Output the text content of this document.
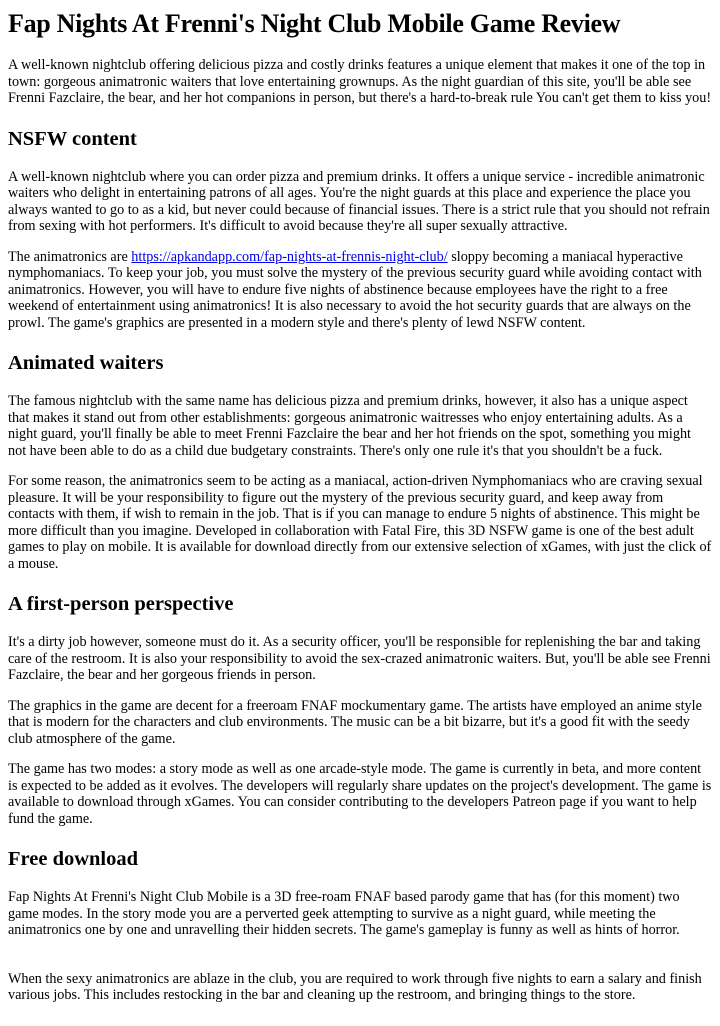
Fap Nights At Frenni's Night Club Mobile Game Review

A well-known nightclub offering delicious pizza and costly drinks features a unique element that makes it one of the top in town: gorgeous animatronic waiters that love entertaining grownups. As the night guardian of this site, you'll be able see Frenni Fazclaire, the bear, and her hot companions in person, but there's a hard-to-break rule You can't get them to kiss you!

NSFW content

A well-known nightclub where you can order pizza and premium drinks. It offers a unique service - incredible animatronic waiters who delight in entertaining patrons of all ages. You're the night guards at this place and experience the place you always wanted to go to as a kid, but never could because of financial issues. There is a strict rule that you should not refrain from sexing with hot performers. It's difficult to avoid because they're all super sexually attractive.

The animatronics are https://apkandapp.com/fap-nights-at-frennis-night-club/ sloppy becoming a maniacal hyperactive nymphomaniacs. To keep your job, you must solve the mystery of the previous security guard while avoiding contact with animatronics. However, you will have to endure five nights of abstinence because employees have the right to a free weekend of entertainment using animatronics! It is also necessary to avoid the hot security guards that are always on the prowl. The game's graphics are presented in a modern style and there's plenty of lewd NSFW content.

Animated waiters

The famous nightclub with the same name has delicious pizza and premium drinks, however, it also has a unique aspect that makes it stand out from other establishments: gorgeous animatronic waitresses who enjoy entertaining adults. As a night guard, you'll finally be able to meet Frenni Fazclaire the bear and her hot friends on the spot, something you might not have been able to do as a child due budgetary constraints. There's only one rule it's that you shouldn't be a fuck.

For some reason, the animatronics seem to be acting as a maniacal, action-driven Nymphomaniacs who are craving sexual pleasure. It will be your responsibility to figure out the mystery of the previous security guard, and keep away from contacts with them, if wish to remain in the job. That is if you can manage to endure 5 nights of abstinence. This might be more difficult than you imagine. Developed in collaboration with Fatal Fire, this 3D NSFW game is one of the best adult games to play on mobile. It is available for download directly from our extensive selection of xGames, with just the click of a mouse.

A first-person perspective

It's a dirty job however, someone must do it. As a security officer, you'll be responsible for replenishing the bar and taking care of the restroom. It is also your responsibility to avoid the sex-crazed animatronic waiters. But, you'll be able see Frenni Fazclaire, the bear and her gorgeous friends in person.

The graphics in the game are decent for a freeroam FNAF mockumentary game. The artists have employed an anime style that is modern for the characters and club environments. The music can be a bit bizarre, but it's a good fit with the seedy club atmosphere of the game.

The game has two modes: a story mode as well as one arcade-style mode. The game is currently in beta, and more content is expected to be added as it evolves. The developers will regularly share updates on the project's development. The game is available to download through xGames. You can consider contributing to the developers Patreon page if you want to help fund the game.

Free download

Fap Nights At Frenni's Night Club Mobile is a 3D free-roam FNAF based parody game that has (for this moment) two game modes. In the story mode you are a perverted geek attempting to survive as a night guard, while meeting the animatronics one by one and unravelling their hidden secrets. The game's gameplay is funny as well as hints of horror.

When the sexy animatronics are ablaze in the club, you are required to work through five nights to earn a salary and finish various jobs. This includes restocking in the bar and cleaning up the restroom, and bringing things to the store.
